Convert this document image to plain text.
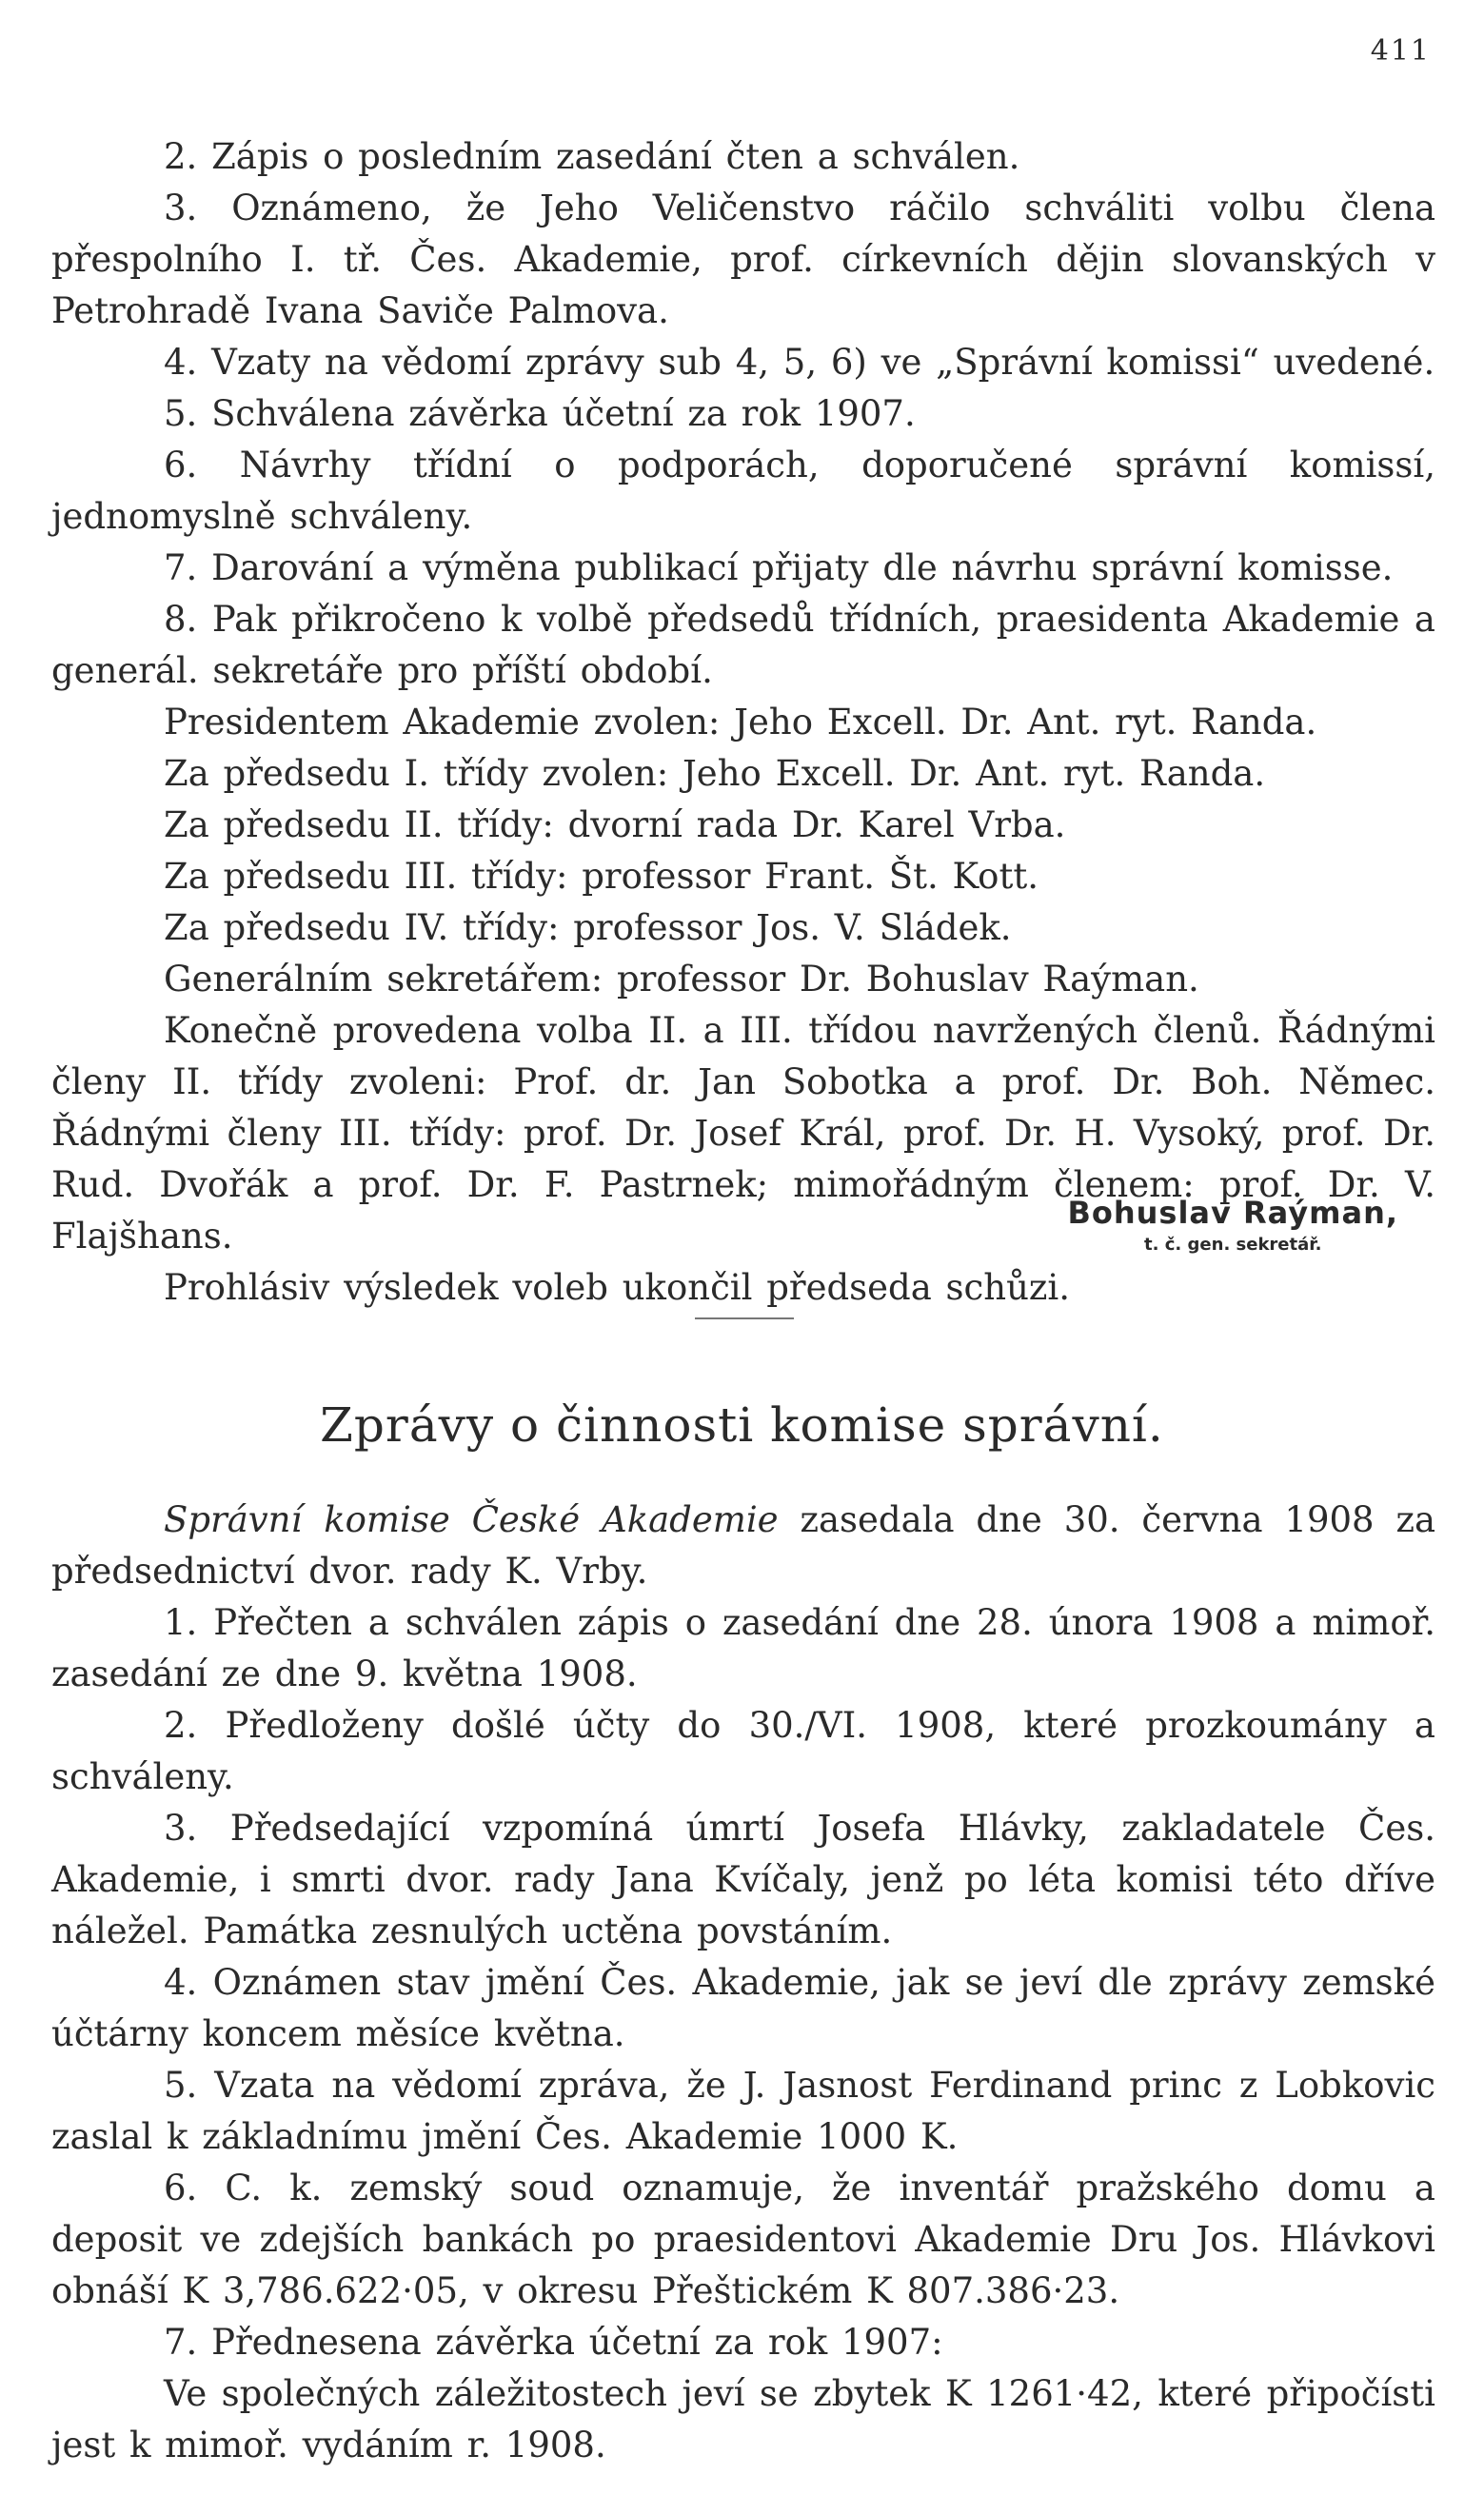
411

2. Zápis o posledním zasedání čten a schválen.

3. Oznámeno, že Jeho Veličenstvo ráčilo schváliti volbu člena přespolního I. tř. Čes. Akademie, prof. církevních dějin slovanských v Petrohradě Ivana Saviče Palmova.

4. Vzaty na vědomí zprávy sub 4, 5, 6) ve „Správní komissi“ uvedené.

5. Schválena závěrka účetní za rok 1907.

6. Návrhy třídní o podporách, doporučené správní komissí, jednomyslně schváleny.

7. Darování a výměna publikací přijaty dle návrhu správní komisse.

8. Pak přikročeno k volbě předsedů třídních, praesidenta Akademie a generál. sekretáře pro příští období.

Presidentem Akademie zvolen: Jeho Excell. Dr. Ant. ryt. Randa.

Za předsedu I. třídy zvolen: Jeho Excell. Dr. Ant. ryt. Randa.

Za předsedu II. třídy: dvorní rada Dr. Karel Vrba.

Za předsedu III. třídy: professor Frant. Št. Kott.

Za předsedu IV. třídy: professor Jos. V. Sládek.

Generálním sekretářem: professor Dr. Bohuslav Raýman.

Konečně provedena volba II. a III. třídou navržených členů. Řádnými členy II. třídy zvoleni: Prof. dr. Jan Sobotka a prof. Dr. Boh. Němec. Řádnými členy III. třídy: prof. Dr. Josef Král, prof. Dr. H. Vysoký, prof. Dr. Rud. Dvořák a prof. Dr. F. Pastrnek; mimořádným členem: prof. Dr. V. Flajšhans.

Prohlásiv výsledek voleb ukončil předseda schůzi.

Bohuslav Raýman,
t. č. gen. sekretář.
Zprávy o činnosti komise správní.

Správní komise České Akademie zasedala dne 30. června 1908 za předsednictví dvor. rady K. Vrby.

1. Přečten a schválen zápis o zasedání dne 28. února 1908 a mimoř. zasedání ze dne 9. května 1908.

2. Předloženy došlé účty do 30./VI. 1908, které prozkoumány a schváleny.

3. Předsedající vzpomíná úmrtí Josefa Hlávky, zakladatele Čes. Akademie, i smrti dvor. rady Jana Kvíčaly, jenž po léta komisi této dříve náležel. Památka zesnulých uctěna povstáním.

4. Oznámen stav jmění Čes. Akademie, jak se jeví dle zprávy zemské účtárny koncem měsíce května.

5. Vzata na vědomí zpráva, že J. Jasnost Ferdinand princ z Lobkovic zaslal k základnímu jmění Čes. Akademie 1000 K.

6. C. k. zemský soud oznamuje, že inventář pražského domu a deposit ve zdejších bankách po praesidentovi Akademie Dru Jos. Hlávkovi obnáší K 3,786.622·05, v okresu Přeštickém K 807.386·23.

7. Přednesena závěrka účetní za rok 1907:

Ve společných záležitostech jeví se zbytek K 1261·42, které připočísti jest k mimoř. vydáním r. 1908.
